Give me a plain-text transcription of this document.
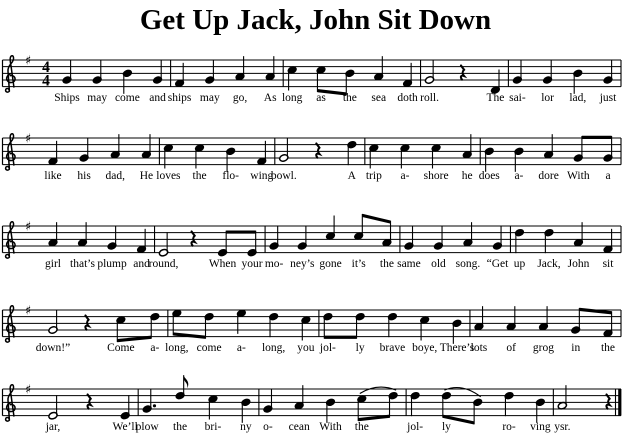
Get Up Jack, John Sit Down
♯ 4
4
Ships may come and ships may go, As long as the sea doth roll.	The sai- lor lad, just
♯
like his dad, He loves the flo- wing
bowl.	A trip a- shore he does a- dore With a
♯
girl that’s plump and
round,	When your mo- ney’s gone it’s the same old song. “Get up Jack, John sit
♯
down!”	Come a- long, come a- long, you jol- ly brave boye, There’s
lots of grog in the
♯
jar,	We’ll
plow the bri- ny o- cean With the	jol- ly	ro- ving ysr.
